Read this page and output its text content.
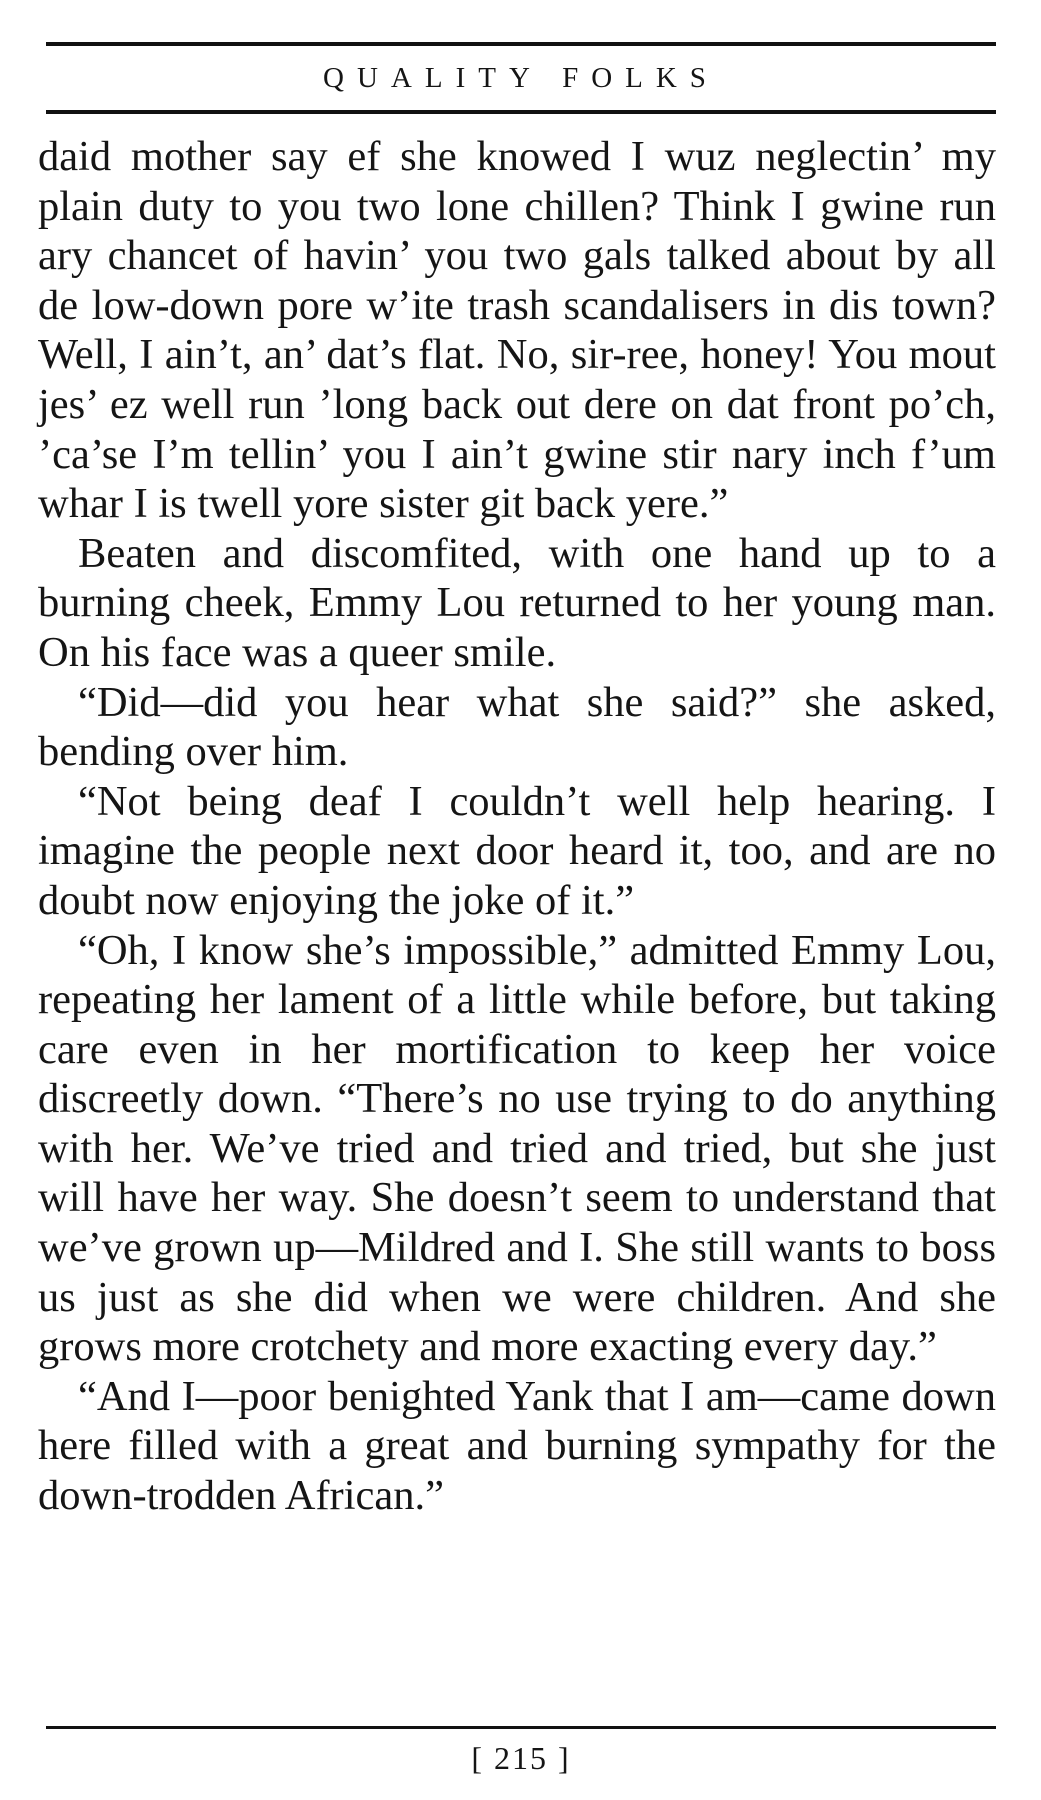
QUALITY FOLKS

daid mother say ef she knowed I wuz neglectin’ my plain duty to you two lone chillen? Think I gwine run ary chancet of havin’ you two gals talked about by all de low-down pore w’ite trash scandalisers in dis town? Well, I ain’t, an’ dat’s flat. No, sir-ree, honey! You mout jes’ ez well run ’long back out dere on dat front po’ch, ’ca’se I’m tellin’ you I ain’t gwine stir nary inch f’um whar I is twell yore sister git back yere.”

Beaten and discomfited, with one hand up to a burning cheek, Emmy Lou returned to her young man. On his face was a queer smile.

“Did—did you hear what she said?” she asked, bending over him.

“Not being deaf I couldn’t well help hearing. I imagine the people next door heard it, too, and are no doubt now enjoying the joke of it.”

“Oh, I know she’s impossible,” admitted Emmy Lou, repeating her lament of a little while before, but taking care even in her mortification to keep her voice discreetly down. “There’s no use trying to do anything with her. We’ve tried and tried and tried, but she just will have her way. She doesn’t seem to understand that we’ve grown up—Mildred and I. She still wants to boss us just as she did when we were children. And she grows more crotchety and more exacting every day.”

“And I—poor benighted Yank that I am—came down here filled with a great and burning sympathy for the down-trodden African.”

[ 215 ]
